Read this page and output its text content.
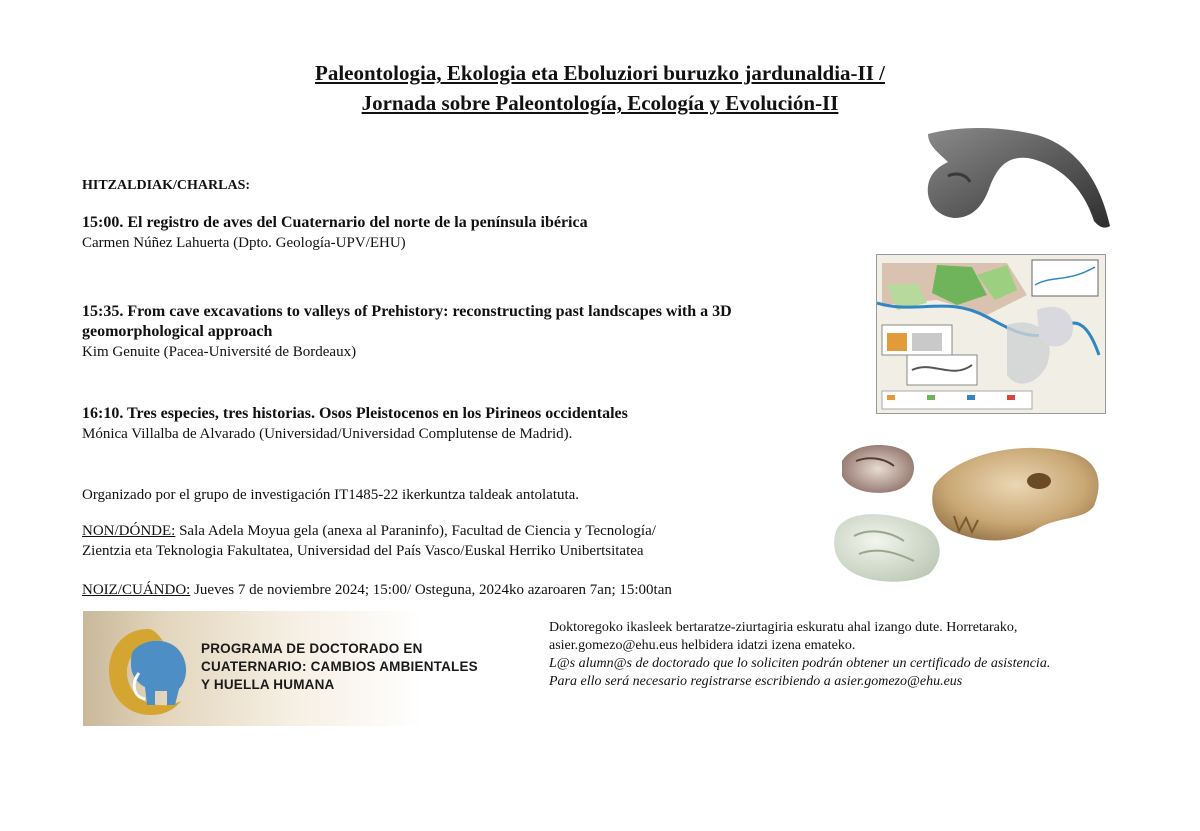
Paleontologia, Ekologia eta Eboluziori buruzko jardunaldia-II /
Jornada sobre Paleontología, Ecología y Evolución-II
HITZALDIAK/CHARLAS:
15:00. El registro de aves del Cuaternario del norte de la península ibérica
Carmen Núñez Lahuerta (Dpto. Geología-UPV/EHU)
15:35. From cave excavations to valleys of Prehistory: reconstructing past landscapes with a 3D geomorphological approach
Kim Genuite (Pacea-Université de Bordeaux)
16:10. Tres especies, tres historias. Osos Pleistocenos en los Pirineos occidentales
Mónica Villalba de Alvarado (Universidad/Universidad Complutense de Madrid).
Organizado por el grupo de investigación IT1485-22 ikerkuntza taldeak antolatuta.
NON/DÓNDE: Sala Adela Moyua gela (anexa al Paraninfo), Facultad de Ciencia y Tecnología/
Zientzia eta Teknologia Fakultatea, Universidad del País Vasco/Euskal Herriko Unibertsitatea
NOIZ/CUÁNDO: Jueves 7 de noviembre 2024; 15:00/ Osteguna, 2024ko azaroaren 7an; 15:00tan
Doktoregoko ikasleek bertaratze-ziurtagiria eskuratu ahal izango dute. Horretarako, asier.gomezo@ehu.eus helbidera idatzi izena emateko.
L@s alumn@s de doctorado que lo soliciten podrán obtener un certificado de asistencia. Para ello será necesario registrarse escribiendo a asier.gomezo@ehu.eus
PROGRAMA DE DOCTORADO EN
CUATERNARIO: CAMBIOS AMBIENTALES
Y HUELLA HUMANA
